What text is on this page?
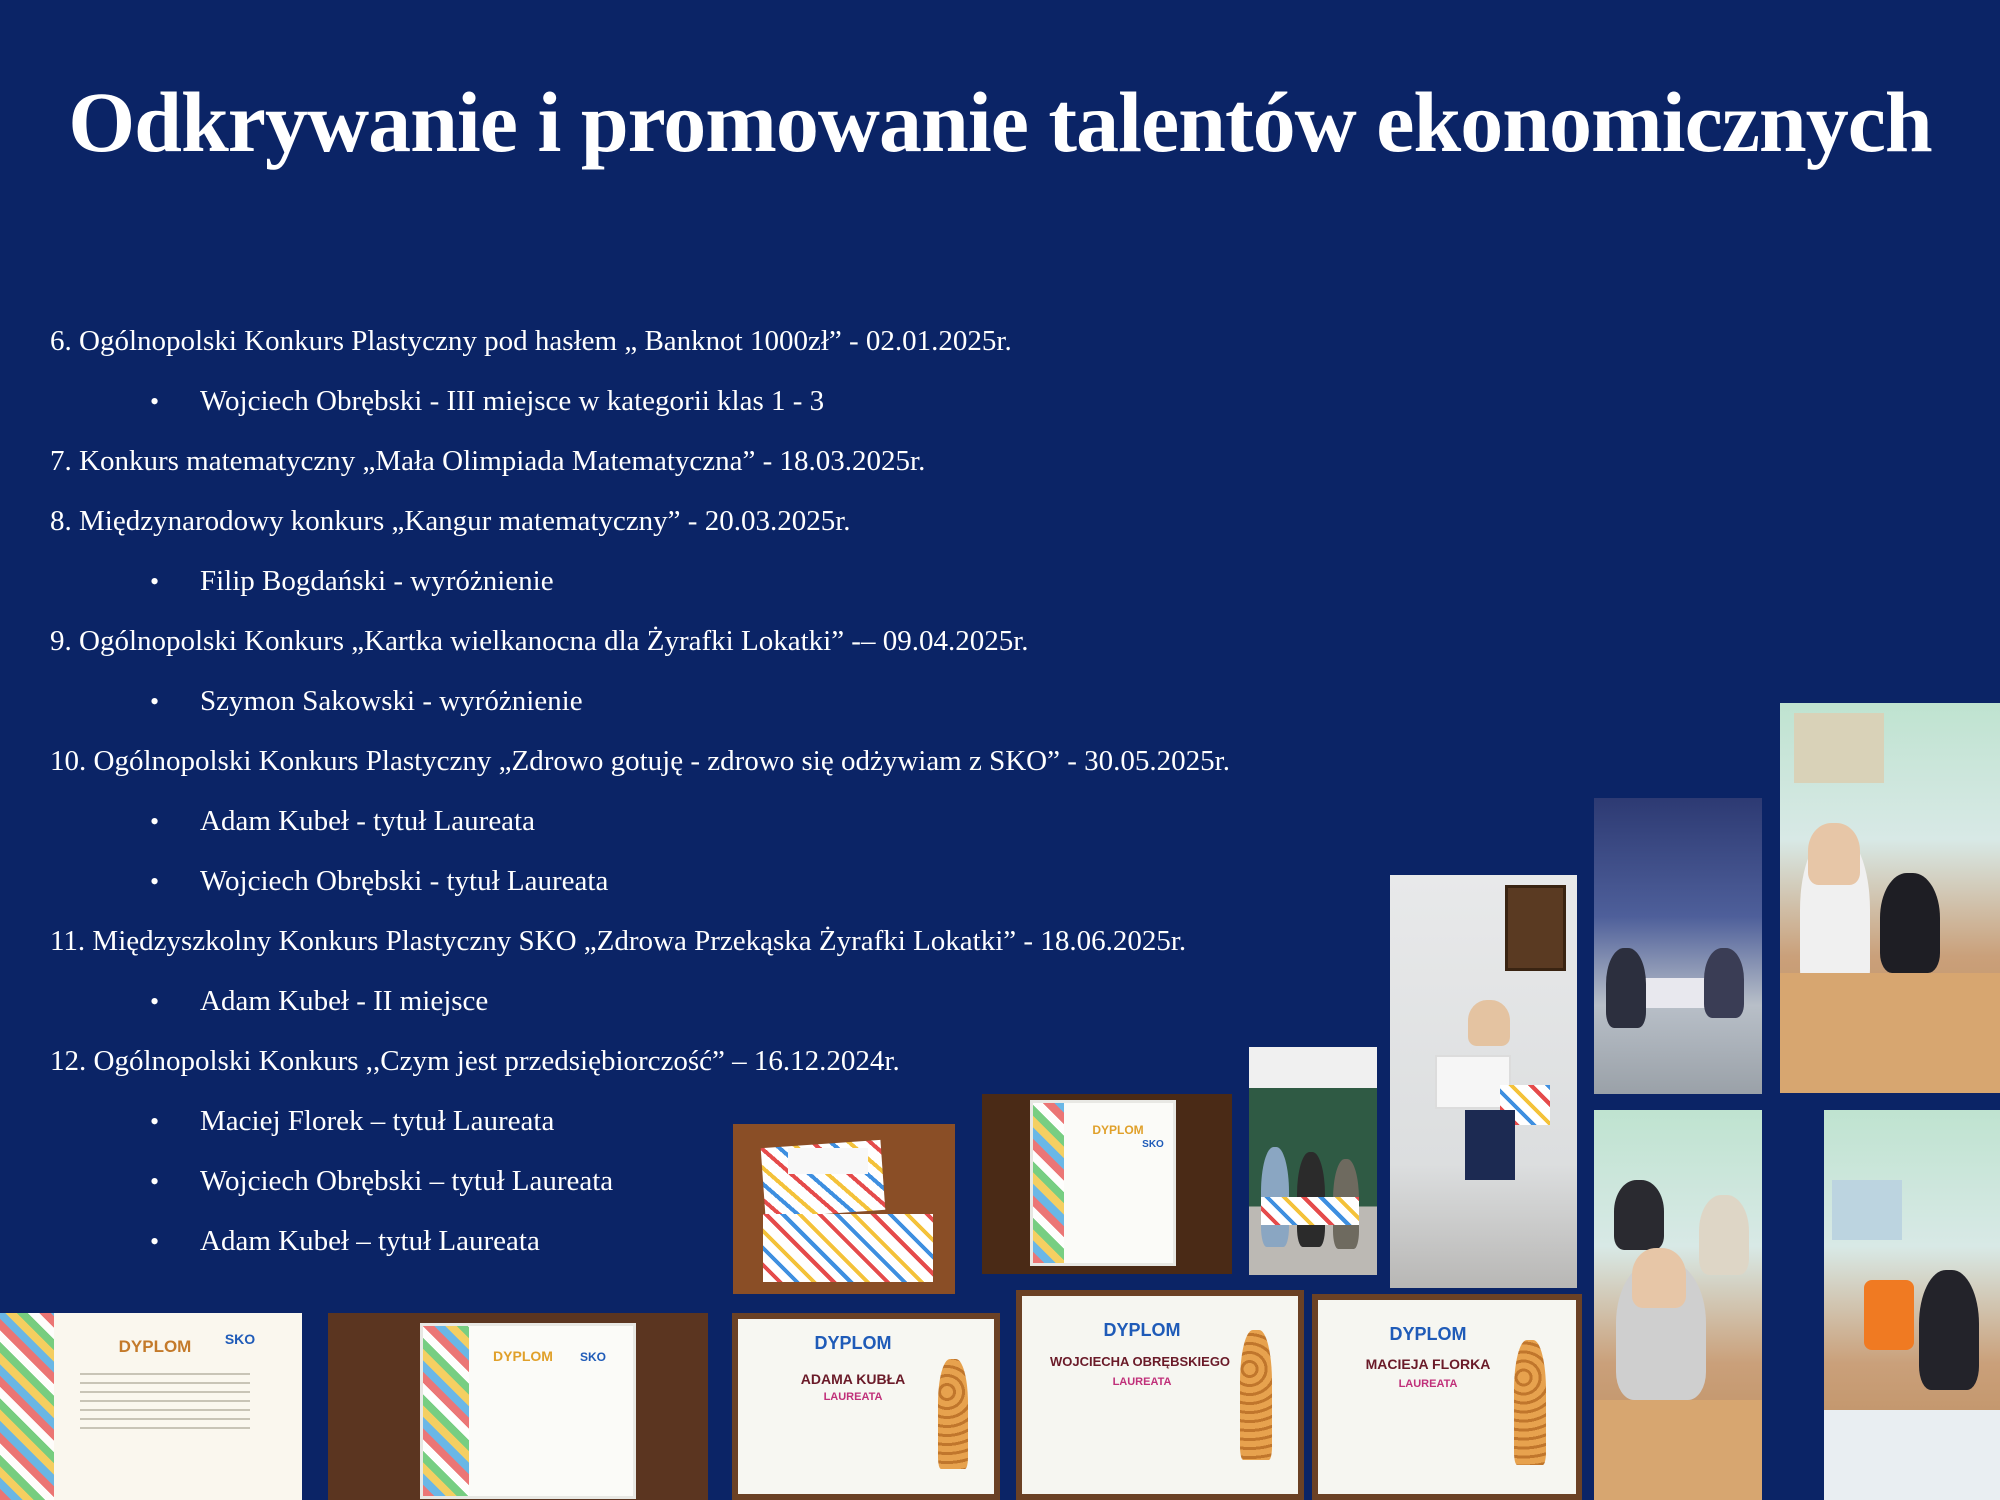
Odkrywanie i promowanie talentów ekonomicznych
6. Ogólnopolski Konkurs Plastyczny pod hasłem „ Banknot 1000zł” - 02.01.2025r.
• Wojciech Obrębski - III miejsce w kategorii klas 1 - 3
7. Konkurs matematyczny „Mała Olimpiada Matematyczna” - 18.03.2025r.
8. Międzynarodowy konkurs „Kangur matematyczny” - 20.03.2025r.
• Filip Bogdański - wyróżnienie
9. Ogólnopolski Konkurs „Kartka wielkanocna dla Żyrafki Lokatki” -– 09.04.2025r.
• Szymon Sakowski - wyróżnienie
10. Ogólnopolski Konkurs Plastyczny „Zdrowo gotuję - zdrowo się odżywiam z SKO” - 30.05.2025r.
• Adam Kubeł - tytuł Laureata
• Wojciech Obrębski - tytuł Laureata
11. Międzyszkolny Konkurs Plastyczny SKO „Zdrowa Przekąska Żyrafki Lokatki” - 18.06.2025r.
• Adam Kubeł - II miejsce
12. Ogólnopolski Konkurs ,,Czym jest przedsiębiorczość” – 16.12.2024r.
• Maciej Florek – tytuł Laureata
• Wojciech Obrębski – tytuł Laureata
• Adam Kubeł – tytuł Laureata
DYPLOM
SKO
DYPLOM	SKO
DYPLOM	SKO
DYPLOM
ADAMA KUBŁA
LAUREATA
DYPLOM
WOJCIECHA OBRĘBSKIEGO
LAUREATA
DYPLOM
MACIEJA FLORKA
LAUREATA
